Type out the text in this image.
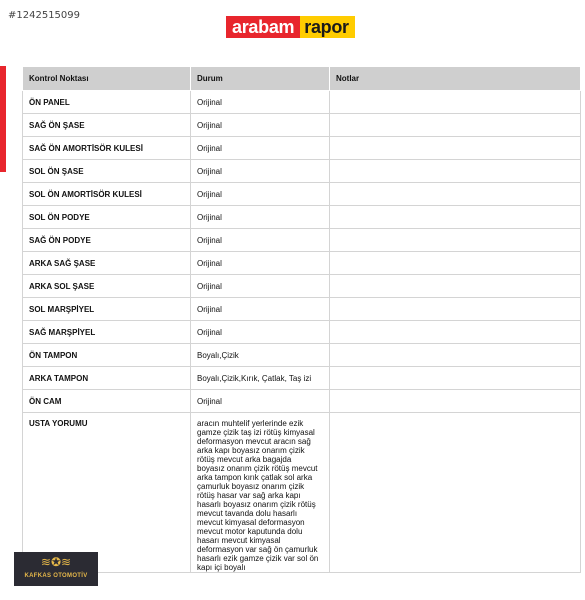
#1242515099
arabam rapor
Kontrol Noktası	Durum	Notlar
ÖN PANEL	Orijinal	
SAĞ ÖN ŞASE	Orijinal	
SAĞ ÖN AMORTİSÖR KULESİ	Orijinal	
SOL ÖN ŞASE	Orijinal	
SOL ÖN AMORTİSÖR KULESİ	Orijinal	
SOL ÖN PODYE	Orijinal	
SAĞ ÖN PODYE	Orijinal	
ARKA SAĞ ŞASE	Orijinal	
ARKA SOL ŞASE	Orijinal	
SOL MARŞPİYEL	Orijinal	
SAĞ MARŞPİYEL	Orijinal	
ÖN TAMPON	Boyalı,Çizik	
ARKA TAMPON	Boyalı,Çizik,Kırık, Çatlak, Taş izi	
ÖN CAM	Orijinal	
USTA YORUMU	aracın muhtelif yerlerinde ezik gamze çizik taş izi rötüş kimyasal deformasyon mevcut aracın sağ arka kapı boyasız onarım çizik rötüş mevcut arka bagajda boyasız onarım çizik rötüş mevcut arka tampon kırık çatlak sol arka çamurluk boyasız onarım çizik rötüş hasar var sağ arka kapı hasarlı boyasız onarım çizik rötüş mevcut tavanda dolu hasarlı mevcut kimyasal deformasyon mevcut motor kaputunda dolu hasarı mevcut kimyasal deformasyon var sağ ön çamurluk hasarlı ezik gamze çizik var sol ön kapı içi boyalı	

≋✪≋
KAFKAS OTOMOTİV
